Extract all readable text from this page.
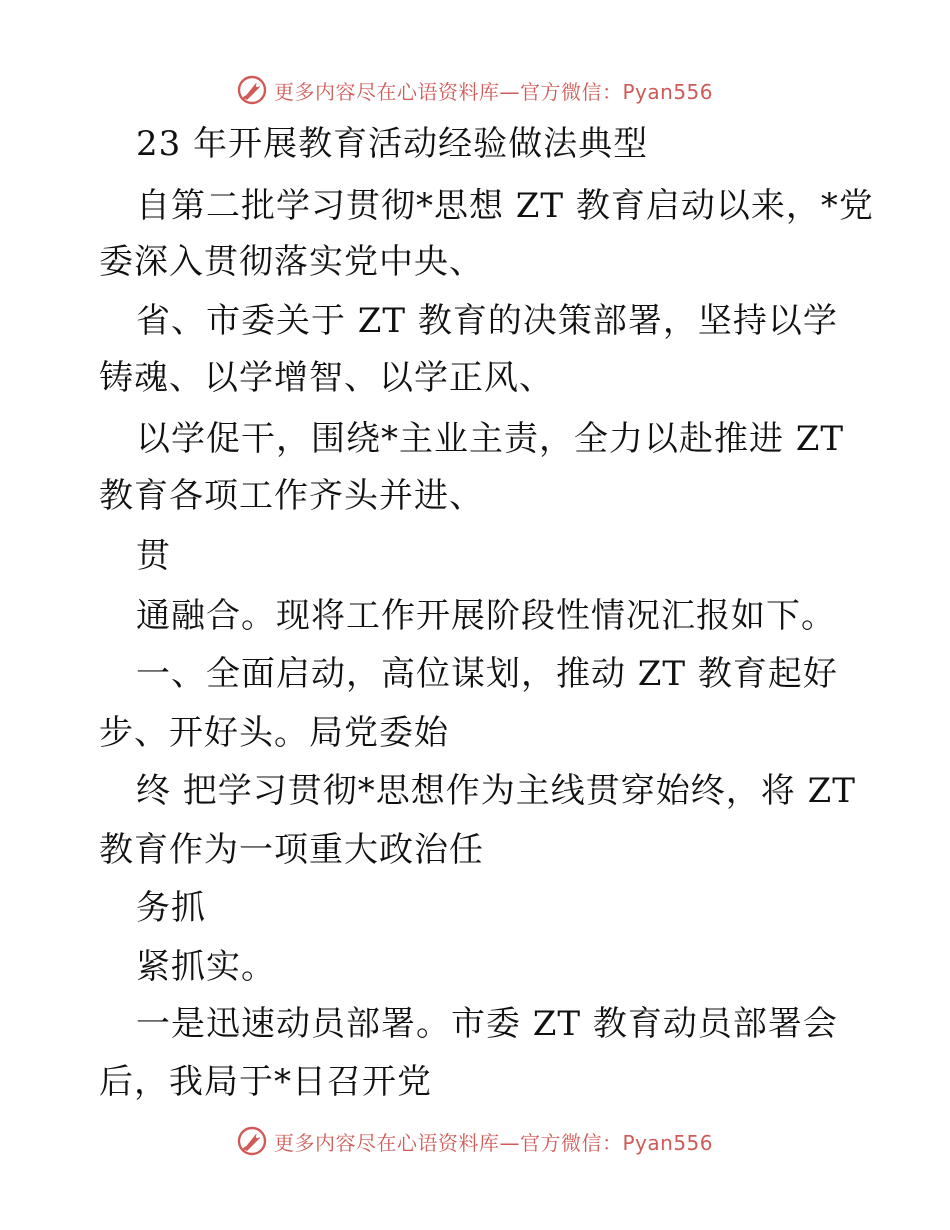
更多内容尽在心语资料库—官方微信：Pyan556
23 年开展教育活动经验做法典型
自第二批学习贯彻*思想 ZT 教育启动以来，*党
委深入贯彻落实党中央、
省、市委关于 ZT 教育的决策部署，坚持以学
铸魂、以学增智、以学正风、
以学促干，围绕*主业主责，全力以赴推进 ZT
教育各项工作齐头并进、
贯
通融合。现将工作开展阶段性情况汇报如下。
一、全面启动，高位谋划，推动 ZT 教育起好
步、开好头。局党委始
终 把学习贯彻*思想作为主线贯穿始终，将 ZT
教育作为一项重大政治任
务抓
紧抓实。
一是迅速动员部署。市委 ZT 教育动员部署会
后，我局于*日召开党
更多内容尽在心语资料库—官方微信：Pyan556
